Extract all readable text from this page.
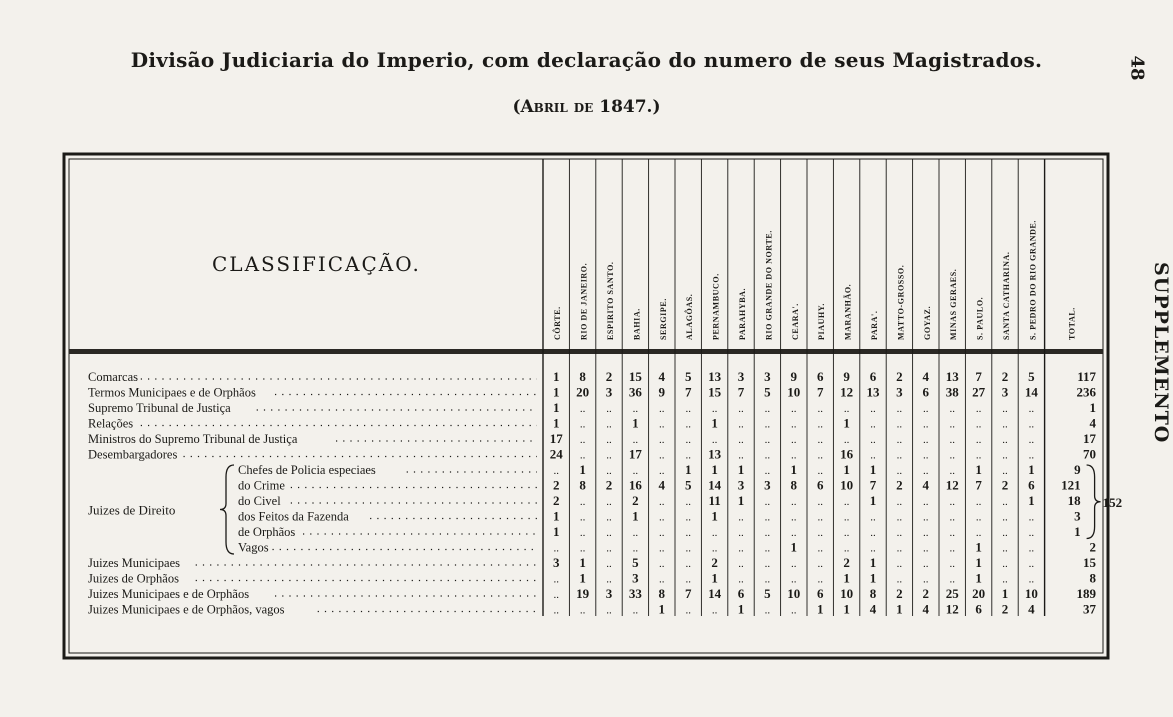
Divisão Judiciaria do Imperio, com declaração do numero de seus Magistrados.
(Abril de 1847.)
48
SUPPLEMENTO
CÔRTE. RIO DE JANEIRO. ESPIRITO SANTO. BAHIA. SERGIPE. ALAGÔAS. PERNAMBUCO. PARAHYBA. RIO GRANDE DO NORTE. CEARA'. PIAUHY. MARANHÃO. PARA'. MATTO-GROSSO. GOYAZ. MINAS GERAES. S. PAULO. SANTA CATHARINA. S. PEDRO DO RIO GRANDE.	TOTAL.
Comarcas	1 8 2 15 4 5 13 3 3 9 6 9 6 2 4 13 7 2 5	117
Termos Municipaes e de Orphãos	1 20 3 36 9 7 15 7 5 10 7 12 13 3 6 38 27 3 14	236
Supremo Tribunal de Justiça	1 .. .. .. .. .. .. .. .. .. .. .. .. .. .. .. .. .. ..	1
Relações	1 .. .. 1 .. .. 1 .. .. .. .. 1 .. .. .. .. .. .. ..	4
Ministros do Supremo Tribunal de Justiça	17 .. .. .. .. .. .. .. .. .. .. .. .. .. .. .. .. .. ..	17
Desembargadores	24 .. .. 17 .. .. 13 .. .. .. .. 16 .. .. .. .. .. .. ..	70
Chefes de Policia especiaes	.. 1 .. .. .. 1 1 1 .. 1 .. 1 1 .. .. .. 1 .. 1	9
do Crime	2 8 2 16 4 5 14 3 3 8 6 10 7 2 4 12 7 2 6 121
do Civel	2 .. .. 2 .. .. 11 1 .. .. .. .. 1 .. .. .. .. .. 1	18
dos Feitos da Fazenda	1 .. .. 1 .. .. 1 .. .. .. .. .. .. .. .. .. .. .. ..	3
de Orphãos	1 .. .. .. .. .. .. .. .. .. .. .. .. .. .. .. .. .. ..	1
Vagos	.. .. .. .. .. .. .. .. .. 1 .. .. .. .. .. .. 1 .. ..	2
Juizes Municipaes	3 1 .. 5 .. .. 2 .. .. .. .. 2 1 .. .. .. 1 .. ..	15
Juizes de Orphãos	.. 1 .. 3 .. .. 1 .. .. .. .. 1 1 .. .. .. 1 .. ..	8
Juizes Municipaes e de Orphãos	.. 19 3 33 8 7 14 6 5 10 6 10 8 2 2 25 20 1 10	189
Juizes Municipaes e de Orphãos, vagos	.. .. .. .. 1 .. .. 1 .. .. 1 1 4 1 4 12 6 2 4	37
Juizes de Direito
152
CLASSIFICAÇÃO.
